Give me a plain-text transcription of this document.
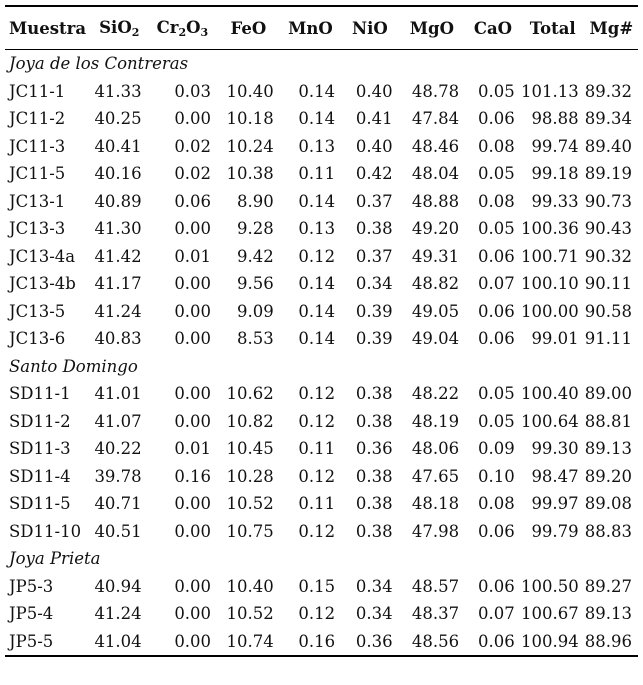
Muestra	SiO$_2$	$Cr_2O_3$	FeO	MnO	NiO	MgO	CaO	Total	Mg#
Joya de los Contreras									
JC11-1	41.33	0.03	10.40	0.14	0.40	48.78	0.05	101.13	89.32
JC11-2	40.25	0.00	10.18	0.14	0.41	47.84	0.06	98.88	89.34
JC11-3	40.41	0.02	10.24	0.13	0.40	48.46	0.08	99.74	89.40
JC11-5	40.16	0.02	10.38	0.11	0.42	48.04	0.05	99.18	89.19
JC13-1	40.89	0.06	8.90	0.14	0.37	48.88	0.08	99.33	90.73
JC13-3	41.30	0.00	9.28	0.13	0.38	49.20	0.05	100.36	90.43
JC13-4a	41.42	0.01	9.42	0.12	0.37	49.31	0.06	100.71	90.32
JC13-4b	41.17	0.00	9.56	0.14	0.34	48.82	0.07	100.10	90.11
JC13-5	41.24	0.00	9.09	0.14	0.39	49.05	0.06	100.00	90.58
JC13-6	40.83	0.00	8.53	0.14	0.39	49.04	0.06	99.01	91.11
Santo Domingo									
SD11-1	41.01	0.00	10.62	0.12	0.38	48.22	0.05	100.40	89.00
SD11-2	41.07	0.00	10.82	0.12	0.38	48.19	0.05	100.64	88.81
SD11-3	40.22	0.01	10.45	0.11	0.36	48.06	0.09	99.30	89.13
SD11-4	39.78	0.16	10.28	0.12	0.38	47.65	0.10	98.47	89.20
SD11-5	40.71	0.00	10.52	0.11	0.38	48.18	0.08	99.97	89.08
SD11-10	40.51	0.00	10.75	0.12	0.38	47.98	0.06	99.79	88.83
Joya Prieta									
JP5-3	40.94	0.00	10.40	0.15	0.34	48.57	0.06	100.50	89.27
JP5-4	41.24	0.00	10.52	0.12	0.34	48.37	0.07	100.67	89.13
JP5-5	41.04	0.00	10.74	0.16	0.36	48.56	0.06	100.94	88.96
